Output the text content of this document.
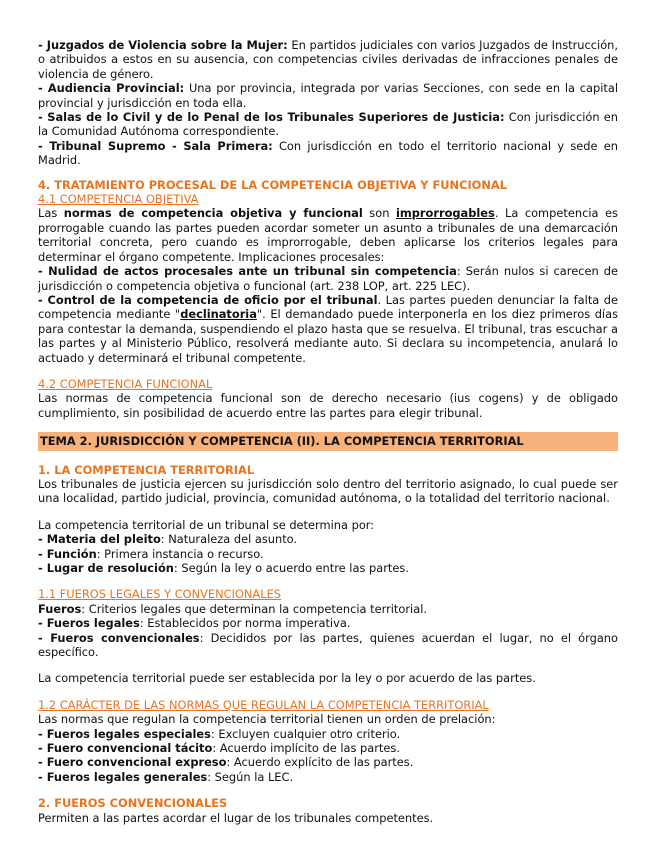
- Juzgados de Violencia sobre la Mujer: En partidos judiciales con varios Juzgados de Instrucción, o atribuidos a estos en su ausencia, con competencias civiles derivadas de infracciones penales de violencia de género.

- Audiencia Provincial: Una por provincia, integrada por varias Secciones, con sede en la capital provincial y jurisdicción en toda ella.

- Salas de lo Civil y de lo Penal de los Tribunales Superiores de Justicia: Con jurisdicción en la Comunidad Autónoma correspondiente.

- Tribunal Supremo - Sala Primera: Con jurisdicción en todo el territorio nacional y sede en Madrid.

4. TRATAMIENTO PROCESAL DE LA COMPETENCIA OBJETIVA Y FUNCIONAL

4.1 COMPETENCIA OBJETIVA

Las normas de competencia objetiva y funcional son improrrogables. La competencia es prorrogable cuando las partes pueden acordar someter un asunto a tribunales de una demarcación territorial concreta, pero cuando es improrrogable, deben aplicarse los criterios legales para determinar el órgano competente. Implicaciones procesales:

- Nulidad de actos procesales ante un tribunal sin competencia: Serán nulos si carecen de jurisdicción o competencia objetiva o funcional (art. 238 LOP, art. 225 LEC).

- Control de la competencia de oficio por el tribunal. Las partes pueden denunciar la falta de competencia mediante "declinatoria". El demandado puede interponerla en los diez primeros días para contestar la demanda, suspendiendo el plazo hasta que se resuelva. El tribunal, tras escuchar a las partes y al Ministerio Público, resolverá mediante auto. Si declara su incompetencia, anulará lo actuado y determinará el tribunal competente.

4.2 COMPETENCIA FUNCIONAL

Las normas de competencia funcional son de derecho necesario (ius cogens) y de obligado cumplimiento, sin posibilidad de acuerdo entre las partes para elegir tribunal.

TEMA 2. JURISDICCIÓN Y COMPETENCIA (II). LA COMPETENCIA TERRITORIAL

1. LA COMPETENCIA TERRITORIAL

Los tribunales de justicia ejercen su jurisdicción solo dentro del territorio asignado, lo cual puede ser una localidad, partido judicial, provincia, comunidad autónoma, o la totalidad del territorio nacional.

La competencia territorial de un tribunal se determina por:

- Materia del pleito: Naturaleza del asunto.

- Función: Primera instancia o recurso.

- Lugar de resolución: Según la ley o acuerdo entre las partes.

1.1 FUEROS LEGALES Y CONVENCIONALES

Fueros: Criterios legales que determinan la competencia territorial.

- Fueros legales: Establecidos por norma imperativa.

- Fueros convencionales: Decididos por las partes, quienes acuerdan el lugar, no el órgano específico.

La competencia territorial puede ser establecida por la ley o por acuerdo de las partes.

1.2 CARÁCTER DE LAS NORMAS QUE REGULAN LA COMPETENCIA TERRITORIAL

Las normas que regulan la competencia territorial tienen un orden de prelación:

- Fueros legales especiales: Excluyen cualquier otro criterio.

- Fuero convencional tácito: Acuerdo implícito de las partes.

- Fuero convencional expreso: Acuerdo explícito de las partes.

- Fueros legales generales: Según la LEC.

2. FUEROS CONVENCIONALES

Permiten a las partes acordar el lugar de los tribunales competentes.
